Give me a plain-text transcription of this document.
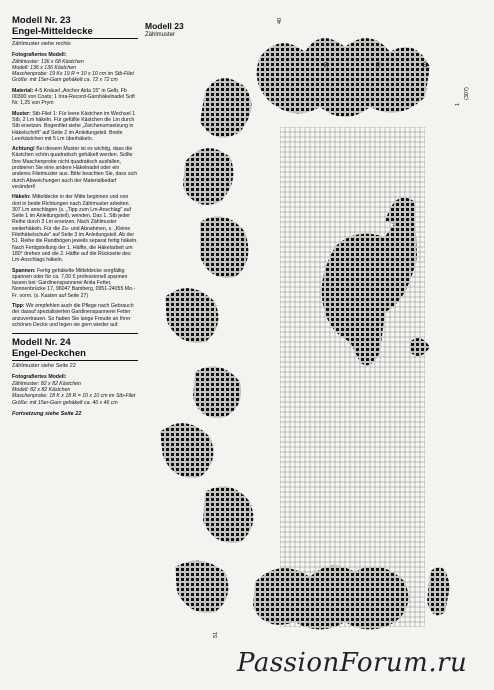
Modell Nr. 23
Engel-Mitteldecke
Zählmuster siehe rechts
Fotografiertes Modell:
Zählmuster: 136 x 68 Kästchen
Modell: 136 x 136 Kästchen
Maschenprobe: 19 Kx 19 R = 10 x 10 cm im Stb-Filet
Größe: mit 15er-Garn gehäkelt ca. 72 x 72 cm
Material: 4-5 Knäuel „Anchor Aida 15" in Gelb, Fb 00300 von Coats; 1 Inra-Record-Garnhäkelnadel Soft Nr. 1,25 von Prym
Muster: Stb-Filet 1: Für leere Kästchen im Wechsel 1 Stb, 2 Lm häkeln. Für gefüllte Kästchen die Lm durch Stb ersetzen. Bogenfilet siehe „Zeichenumsetzung in Häkelschrift" auf Seite 2 im Anleitungsteil. Breite Leerkästchen mit 5 Lm überhäkeln.
Achtung! Bei diesem Muster ist es wichtig, dass die Kästchen schön quadratisch gehäkelt werden. Sollte Ihre Maschenprobe nicht quadratisch ausfallen, probieren Sie eine andere Häkelnadel oder ein anderes Filetmuster aus. Bitte beachten Sie, dass sich durch Abweichungen auch der Materialbedarf verändert!
Häkeln: Mitteldecke in der Mitte beginnen und von dort in beide Richtungen nach Zählmuster arbeiten. 307 Lm anschlagen (s. „Tipp zum Lm-Anschlag" auf Seite 1 im Anleitungsteil), wenden. Das 1. Stb jeder Reihe durch 3 Lm ersetzen. Nach Zählmuster weiterhäkeln. Für die Zu- und Abnahmen, s. „Kleine Filethäkelschule" auf Seite 3 im Anleitungsteil. Ab der 51. Reihe die Randbögen jeweils separat fertig häkeln. Nach Fertigstellung der 1. Hälfte, die Häkelarbeit um 180° drehen und die 2. Hälfte auf die Rückseite des Lm-Anschlags häkeln.
Spannen: Fertig gehäkelte Mitteldecke sorgfältig spannen oder für ca. 7,00 € professionell spannen lassen bei: Gardinenspannerei Anita Fetter, Nonnenbrücke 17, 96047 Bamberg, 0951-24055 Mo.-Fr. vorm. (s. Kasten auf Seite 27)
Tipp: Wir empfehlen auch die Pflege nach Gebrauch der darauf spezialisierten Gardinenspannerei Fetter anzuvertrauen. So haben Sie lange Freude an Ihrer schönen Decke und legen sie gern wieder auf.
Modell Nr. 24
Engel-Deckchen
Zählmuster siehe Seite 22
Fotografiertes Modell:
Zählmuster: 82 x 82 Kästchen
Modell: 82 x 82 Kästchen
Maschenprobe: 18 K x 18 R = 10 x 10 cm im Stb-Filet
Größe: mit 15er-Garn gehäkelt ca. 46 x 46 cm
Fortsetzung siehe Seite 22
Modell 23
Zählmuster
40
30	20	10
1
(307)
51
PassionForum.ru
